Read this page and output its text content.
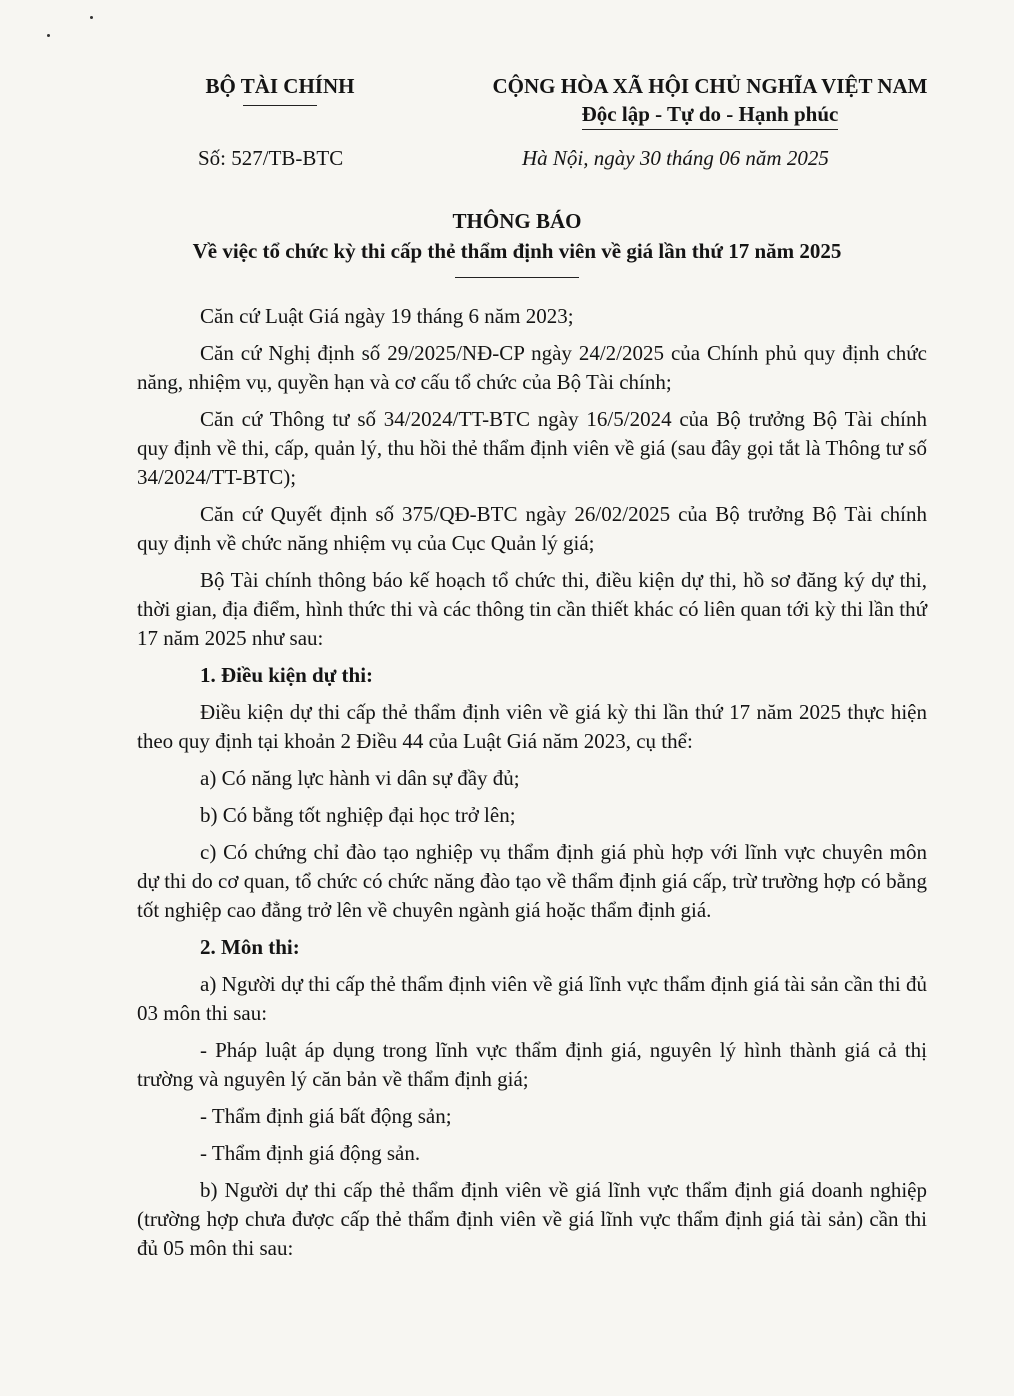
BỘ TÀI CHÍNH	CỘNG HÒA XÃ HỘI CHỦ NGHĨA VIỆT NAM
Độc lập - Tự do - Hạnh phúc
Số: 527/TB-BTC	Hà Nội, ngày 30 tháng 06 năm 2025
THÔNG BÁO
Về việc tổ chức kỳ thi cấp thẻ thẩm định viên về giá lần thứ 17 năm 2025

Căn cứ Luật Giá ngày 19 tháng 6 năm 2023;

Căn cứ Nghị định số 29/2025/NĐ-CP ngày 24/2/2025 của Chính phủ quy định chức năng, nhiệm vụ, quyền hạn và cơ cấu tổ chức của Bộ Tài chính;

Căn cứ Thông tư số 34/2024/TT-BTC ngày 16/5/2024 của Bộ trưởng Bộ Tài chính quy định về thi, cấp, quản lý, thu hồi thẻ thẩm định viên về giá (sau đây gọi tắt là Thông tư số 34/2024/TT-BTC);

Căn cứ Quyết định số 375/QĐ-BTC ngày 26/02/2025 của Bộ trưởng Bộ Tài chính quy định về chức năng nhiệm vụ của Cục Quản lý giá;

Bộ Tài chính thông báo kế hoạch tổ chức thi, điều kiện dự thi, hồ sơ đăng ký dự thi, thời gian, địa điểm, hình thức thi và các thông tin cần thiết khác có liên quan tới kỳ thi lần thứ 17 năm 2025 như sau:

1. Điều kiện dự thi:

Điều kiện dự thi cấp thẻ thẩm định viên về giá kỳ thi lần thứ 17 năm 2025 thực hiện theo quy định tại khoản 2 Điều 44 của Luật Giá năm 2023, cụ thể:

a) Có năng lực hành vi dân sự đầy đủ;

b) Có bằng tốt nghiệp đại học trở lên;

c) Có chứng chỉ đào tạo nghiệp vụ thẩm định giá phù hợp với lĩnh vực chuyên môn dự thi do cơ quan, tổ chức có chức năng đào tạo về thẩm định giá cấp, trừ trường hợp có bằng tốt nghiệp cao đẳng trở lên về chuyên ngành giá hoặc thẩm định giá.

2. Môn thi:

a) Người dự thi cấp thẻ thẩm định viên về giá lĩnh vực thẩm định giá tài sản cần thi đủ 03 môn thi sau:

- Pháp luật áp dụng trong lĩnh vực thẩm định giá, nguyên lý hình thành giá cả thị trường và nguyên lý căn bản về thẩm định giá;

- Thẩm định giá bất động sản;

- Thẩm định giá động sản.

b) Người dự thi cấp thẻ thẩm định viên về giá lĩnh vực thẩm định giá doanh nghiệp (trường hợp chưa được cấp thẻ thẩm định viên về giá lĩnh vực thẩm định giá tài sản) cần thi đủ 05 môn thi sau:
